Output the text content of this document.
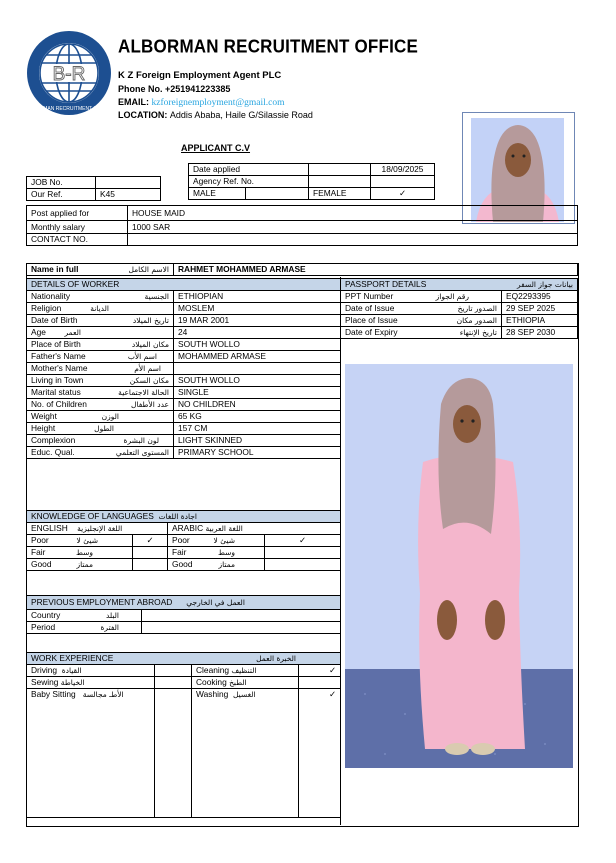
B-R
ALBORMAN RECRUITMENT OFFICE
ALBORMAN RECRUITMENT OFFICE
K Z Foreign Employment Agent PLC
Phone No. +251941223385
EMAIL: kzforeignemployment@gmail.com
LOCATION: Addis Ababa, Haile G/Silassie Road
APPLICANT C.V
JOB No.	
Our Ref.	K45
Date applied			18/09/2025
Agency Ref. No.			
MALE		FEMALE	✓
Post applied for	HOUSE MAID
Monthly salary	1000 SAR
CONTACT NO.	
Name in full	الاسم الكامل	RAHMET MOHAMMED ARMASE
DETAILS OF WORKER	

Nationality الجنسية	ETHIOPIAN

Religion الديانة	MOSLEM

Date of Birth تاريخ الميلاد	19 MAR 2001

Age العمر	24

Place of Birth مكان الميلاد	SOUTH WOLLO

Father's Name اسم الأب	MOHAMMED ARMASE

Mother's Name اسم الأم	

Living in Town مكان السكن	SOUTH WOLLO

Marital status الحالة الاجتماعية	SINGLE

No. of Children عدد الأطفال	NO CHILDREN

Weight الوزن	65 KG

Height الطول	157 CM

Complexion لون البشرة	LIGHT SKINNED

Educ. Qual. المستوى التعلمي	PRIMARY SCHOOL
PASSPORT DETAILS بيانات جواز السفر	

PPT Number رقم الجواز	EQ2293395

Date of Issue الصدور تاريخ	29 SEP 2025

Place of Issue الصدور مكان	ETHIOPIA

Date of Expiry تاريخ الإنتهاء	28 SEP 2030
KNOWLEDGE OF LANGUAGES اجادة اللغات			
ENGLISH اللغة الإنجليزية		ARABIC اللغة العربية	

Poor شيئ لا	✓	Poor شيئ لا	✓

Fair وسط		Fair وسط	

Good ممتاز		Good ممتاز	

PREVIOUS EMPLOYMENT ABROAD العمل في الخارجي	

Country البلد	

Period الفترة	

WORK EXPERIENCE الخبرة العمل			

Driving القيادة		Cleaning التنظيف	✓
Sewing الخياطة		Cooking الطبخ	
Baby Sitting الأطـ مجالسة		Washing الغسيل	✓
